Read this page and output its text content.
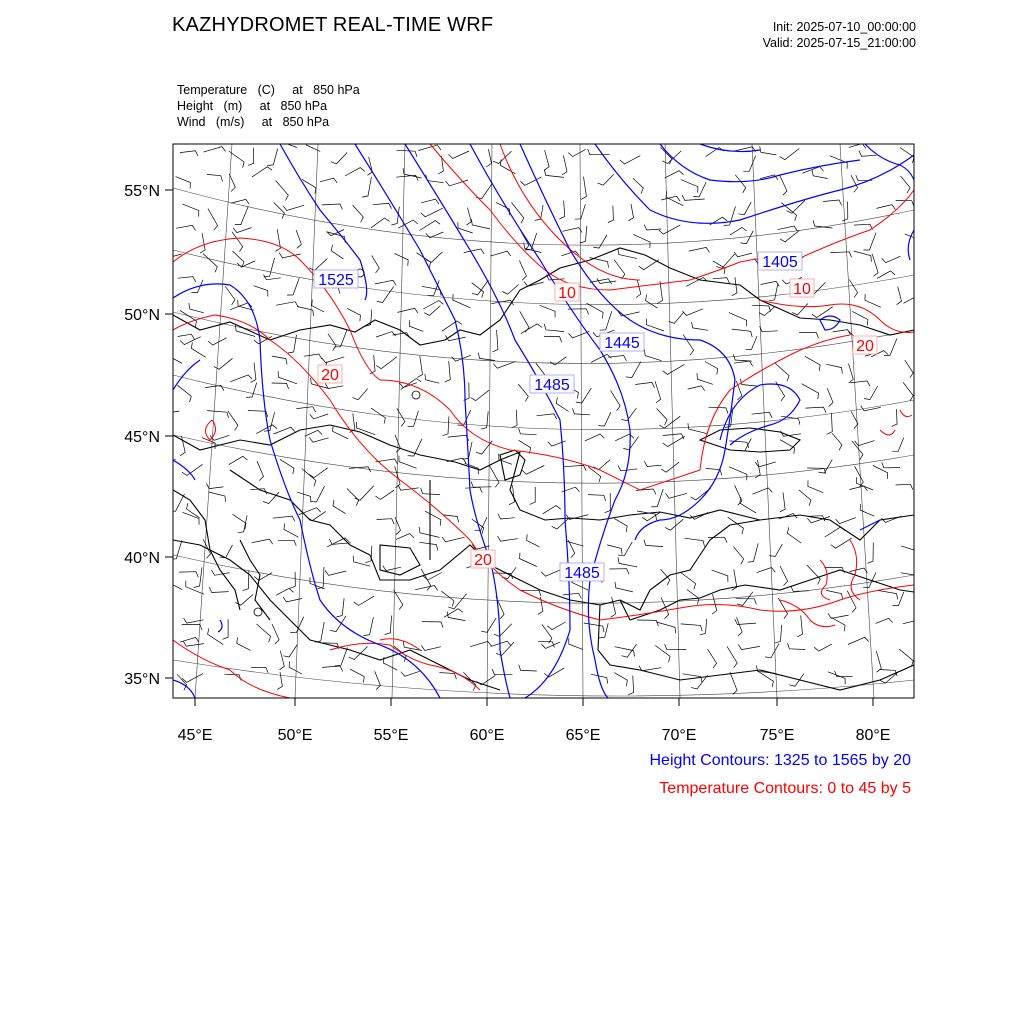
KAZHYDROMET REAL-TIME WRF	Init: 2025-07-10_00:00:00
Valid: 2025-07-15_21:00:00
Temperature   (C)     at   850 hPa
Height   (m)     at   850 hPa
Wind   (m/s)     at   850 hPa
55°N
50°N
45°N
40°N
35°N
45°E	50°E	55°E	60°E	65°E	70°E	75°E	80°E
1525
1405
1445
1485
1485
10	10
20
20
20
Height Contours: 1325 to 1565 by 20
Temperature Contours: 0 to 45 by 5
